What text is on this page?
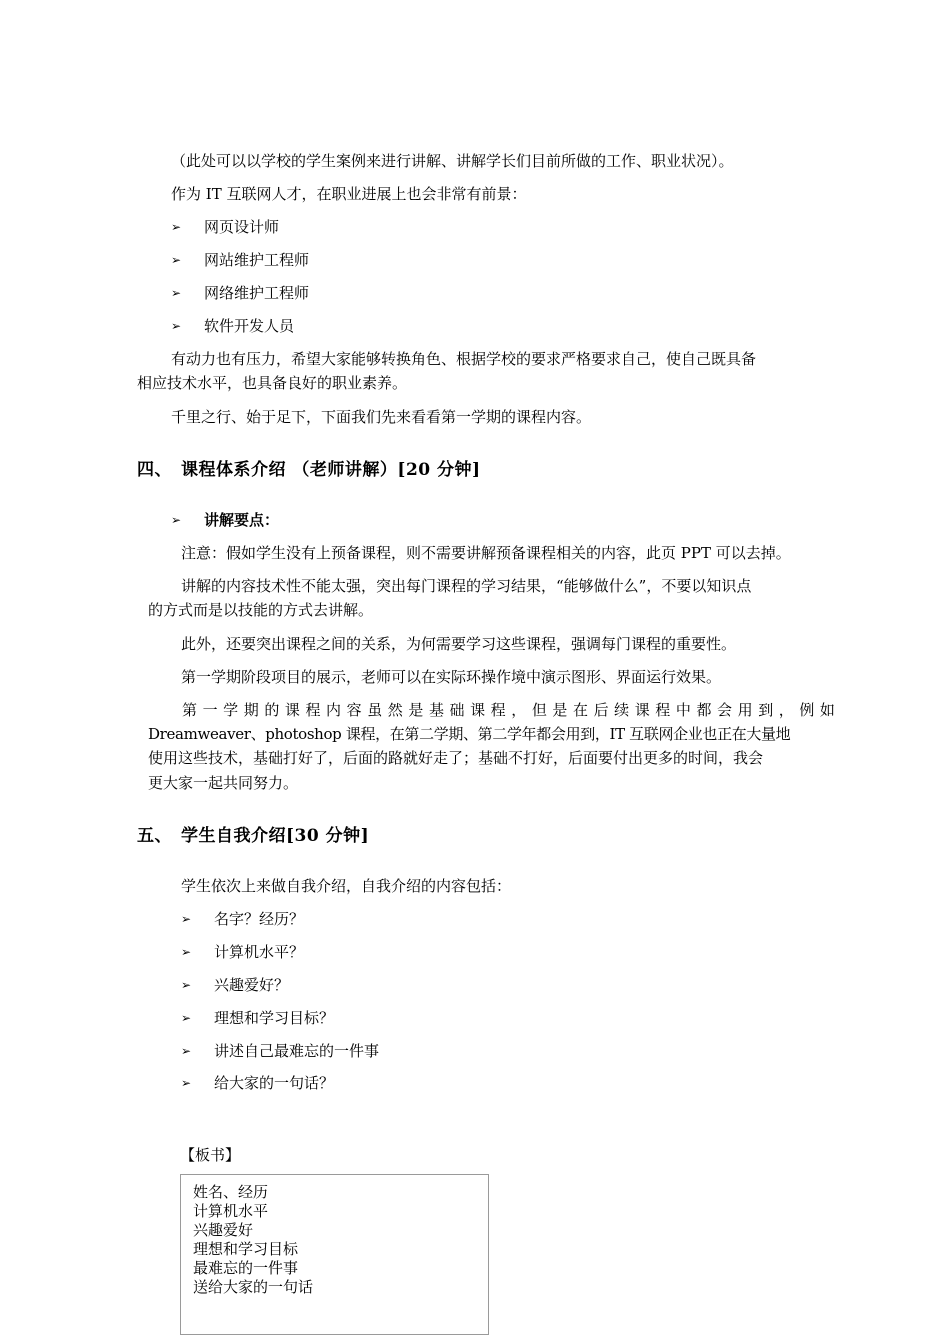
（此处可以以学校的学生案例来进行讲解、讲解学长们目前所做的工作、职业状况）。
作为 IT 互联网人才，在职业进展上也会非常有前景：
➢ 网页设计师
➢ 网站维护工程师
➢ 网络维护工程师
➢ 软件开发人员
有动力也有压力，希望大家能够转换角色、根据学校的要求严格要求自己，使自己既具备
相应技术水平，也具备良好的职业素养。
千里之行、始于足下，下面我们先来看看第一学期的课程内容。
四、 课程体系介绍 （老师讲解）[20 分钟]
➢ 讲解要点：
注意：假如学生没有上预备课程，则不需要讲解预备课程相关的内容，此页 PPT 可以去掉。
讲解的内容技术性不能太强，突出每门课程的学习结果，“能够做什么”，不要以知识点
的方式而是以技能的方式去讲解。
此外，还要突出课程之间的关系，为何需要学习这些课程，强调每门课程的重要性。
第一学期阶段项目的展示，老师可以在实际环操作境中演示图形、界面运行效果。
第 一 学 期 的 课 程 内 容 虽 然 是 基 础 课 程 ， 但 是 在 后 续 课 程 中 都 会 用 到 ， 例 如
Dreamweaver、photoshop 课程，在第二学期、第二学年都会用到，IT 互联网企业也正在大量地
使用这些技术，基础打好了，后面的路就好走了；基础不打好，后面要付出更多的时间，我会
更大家一起共同努力。
五、 学生自我介绍[30 分钟]
学生依次上来做自我介绍，自我介绍的内容包括：
➢ 名字？经历？
➢ 计算机水平？
➢ 兴趣爱好？
➢ 理想和学习目标？
➢ 讲述自己最难忘的一件事
➢ 给大家的一句话？
【板书】
姓名、经历
计算机水平
兴趣爱好
理想和学习目标
最难忘的一件事
送给大家的一句话
